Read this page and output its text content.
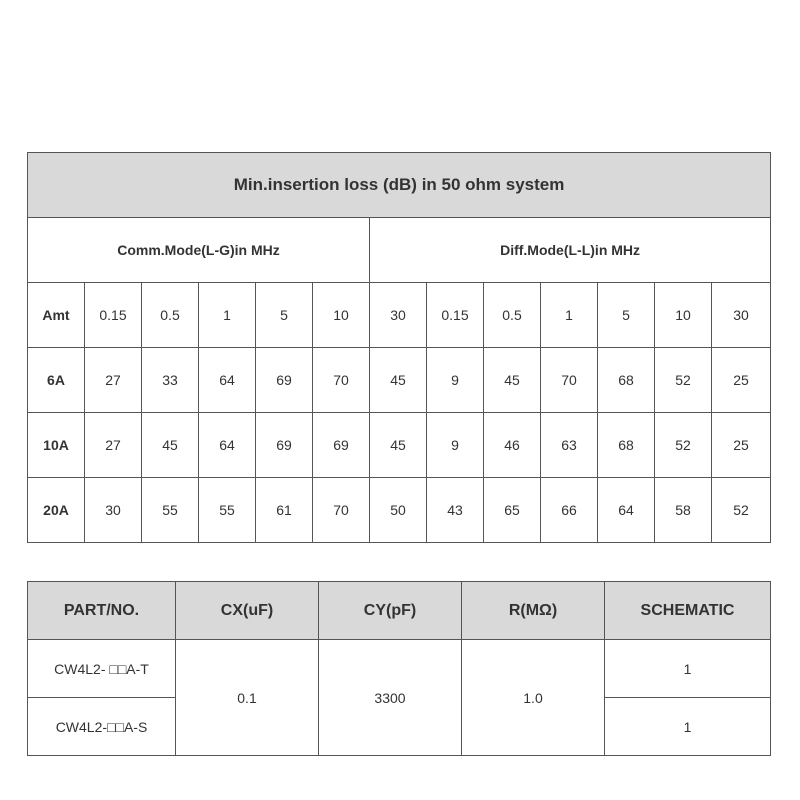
Min.insertion loss (dB) in 50 ohm system												
Comm.Mode(L-G)in MHz						Diff.Mode(L-L)in MHz						
Amt	0.15	0.5	1	5	10	30	0.15	0.5	1	5	10	30
6A	27	33	64	69	70	45	9	45	70	68	52	25
10A	27	45	64	69	69	45	9	46	63	68	52	25
20A	30	55	55	61	70	50	43	65	66	64	58	52
PART/NO.	CX(uF)	CY(pF)	R(MΩ)	SCHEMATIC
CW4L2- □□A-T	0.1	3300	1.0	1
CW4L2-□□A-S				1
